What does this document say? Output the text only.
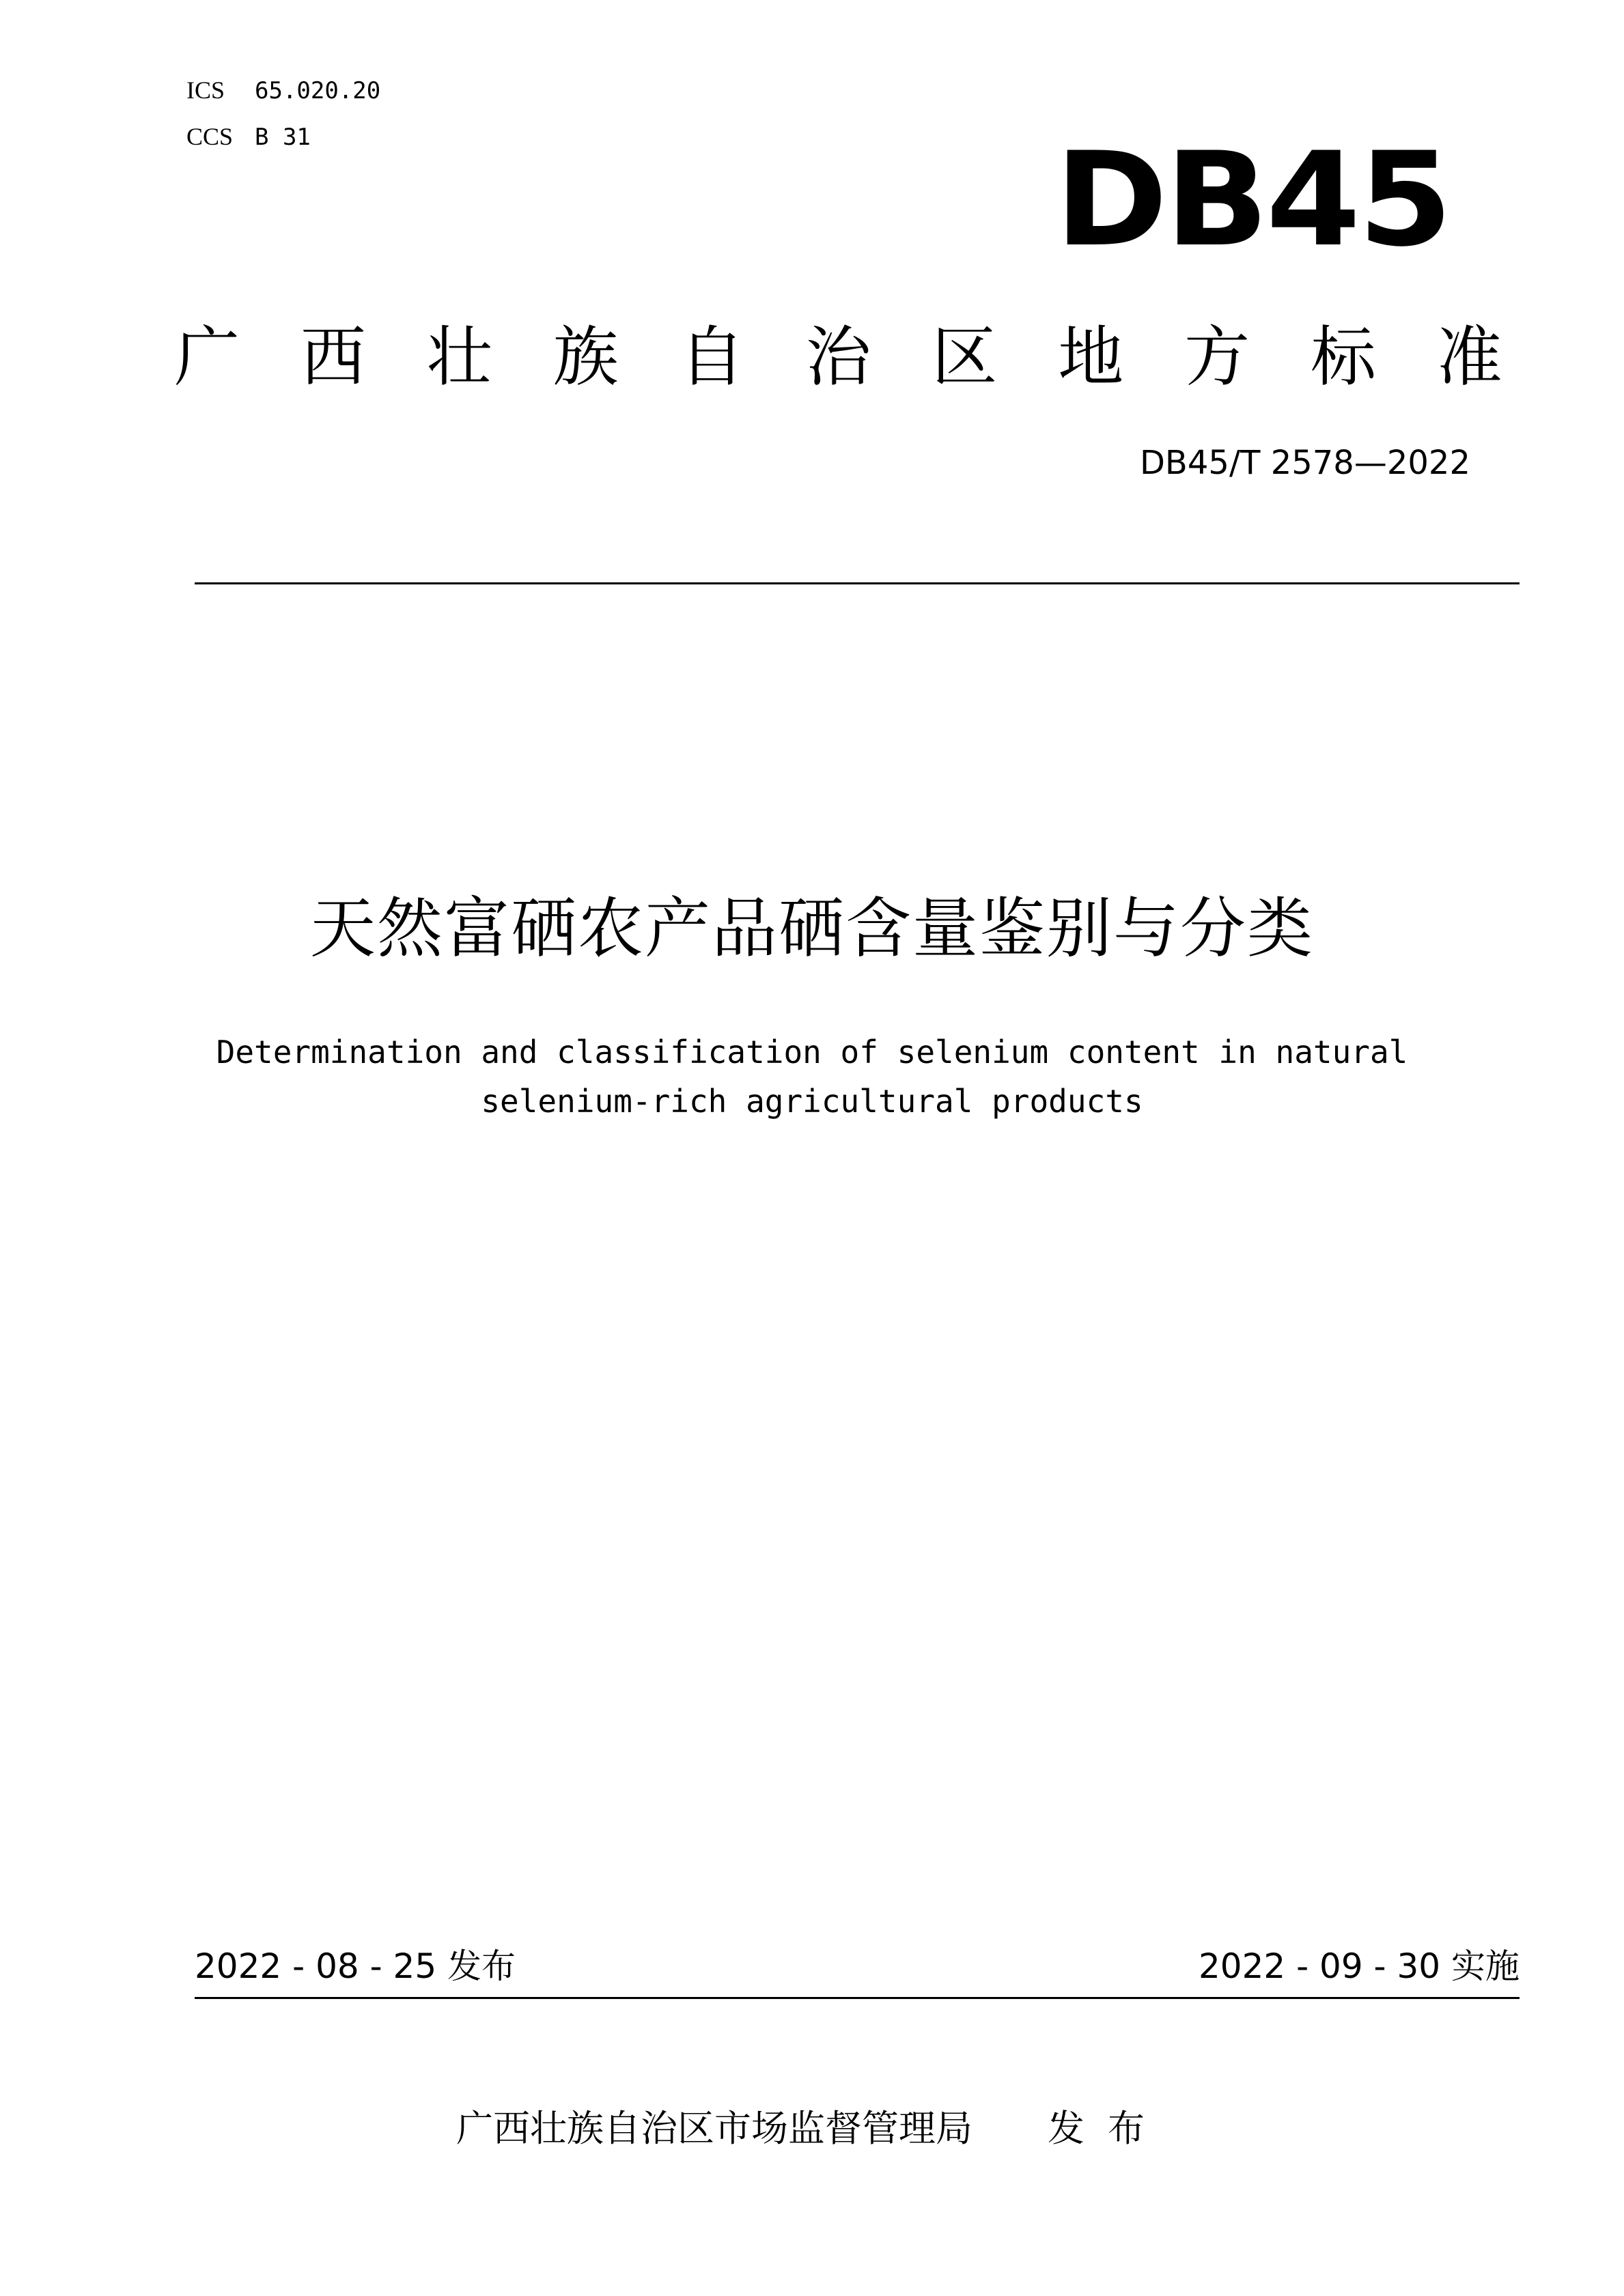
ICS 65.020.20
CCS B 31	DB45
广 西 壮 族 自 治 区 地 方 标 准
DB45/T 2578—2022
天然富硒农产品硒含量鉴别与分类
Determination and classification of selenium content in natural
selenium-rich agricultural products
2022 - 08 - 25 发布	2022 - 09 - 30 实施
广西壮族自治区市场监督管理局 发布
